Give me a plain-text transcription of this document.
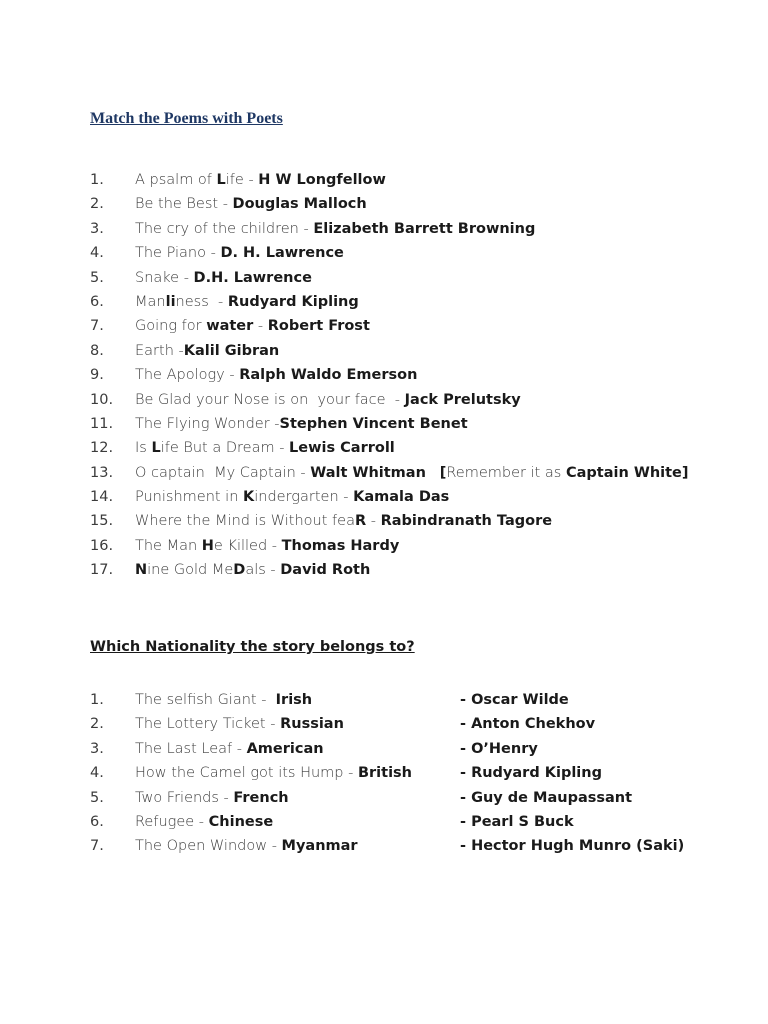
Match the Poems with Poets
1.	A psalm of Life - H W Longfellow
2.	Be the Best - Douglas Malloch
3.	The cry of the children - Elizabeth Barrett Browning
4.	The Piano - D. H. Lawrence
5.	Snake - D.H. Lawrence
6.	Manliness  - Rudyard Kipling
7.	Going for water - Robert Frost
8.	Earth -Kalil Gibran
9.	The Apology - Ralph Waldo Emerson
10.	Be Glad your Nose is on  your face  - Jack Prelutsky
11.	The Flying Wonder -Stephen Vincent Benet
12.	Is Life But a Dream - Lewis Carroll
13.	O captain  My Captain - Walt Whitman [Remember it as Captain White]
14.	Punishment in Kindergarten - Kamala Das
15.	Where the Mind is Without feaR - Rabindranath Tagore
16.	The Man He Killed - Thomas Hardy
17.	Nine Gold MeDals - David Roth
Which Nationality the story belongs to?
1.	The selfish Giant -  Irish	- Oscar Wilde
2.	The Lottery Ticket - Russian	- Anton Chekhov
3.	The Last Leaf - American	- O’Henry
4.	How the Camel got its Hump - British	- Rudyard Kipling
5.	Two Friends - French	- Guy de Maupassant
6.	Refugee - Chinese	- Pearl S Buck
7.	The Open Window - Myanmar	- Hector Hugh Munro (Saki)
